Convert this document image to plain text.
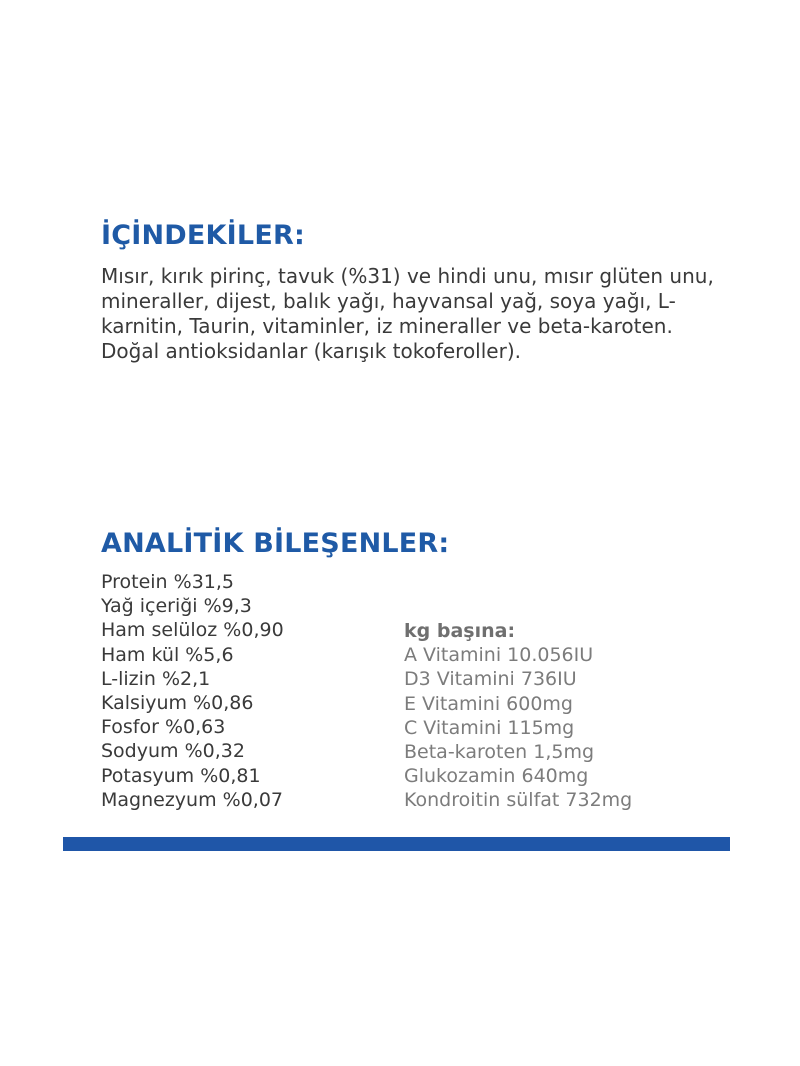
İÇİNDEKİLER:

Mısır, kırık pirinç, tavuk (%31) ve hindi unu, mısır glüten unu, mineraller, dijest, balık yağı, hayvansal yağ, soya yağı, L-karnitin, Taurin, vitaminler, iz mineraller ve beta-karoten. Doğal antioksidanlar (karışık tokoferoller).

ANALİTİK BİLEŞENLER:
Protein %31,5
Yağ içeriği %9,3
Ham selüloz %0,90
Ham kül %5,6
L-lizin %2,1
Kalsiyum %0,86
Fosfor %0,63
Sodyum %0,32
Potasyum %0,81
Magnezyum %0,07
kg başına:
A Vitamini 10.056IU
D3 Vitamini 736IU
E Vitamini 600mg
C Vitamini 115mg
Beta-karoten 1,5mg
Glukozamin 640mg
Kondroitin sülfat 732mg
